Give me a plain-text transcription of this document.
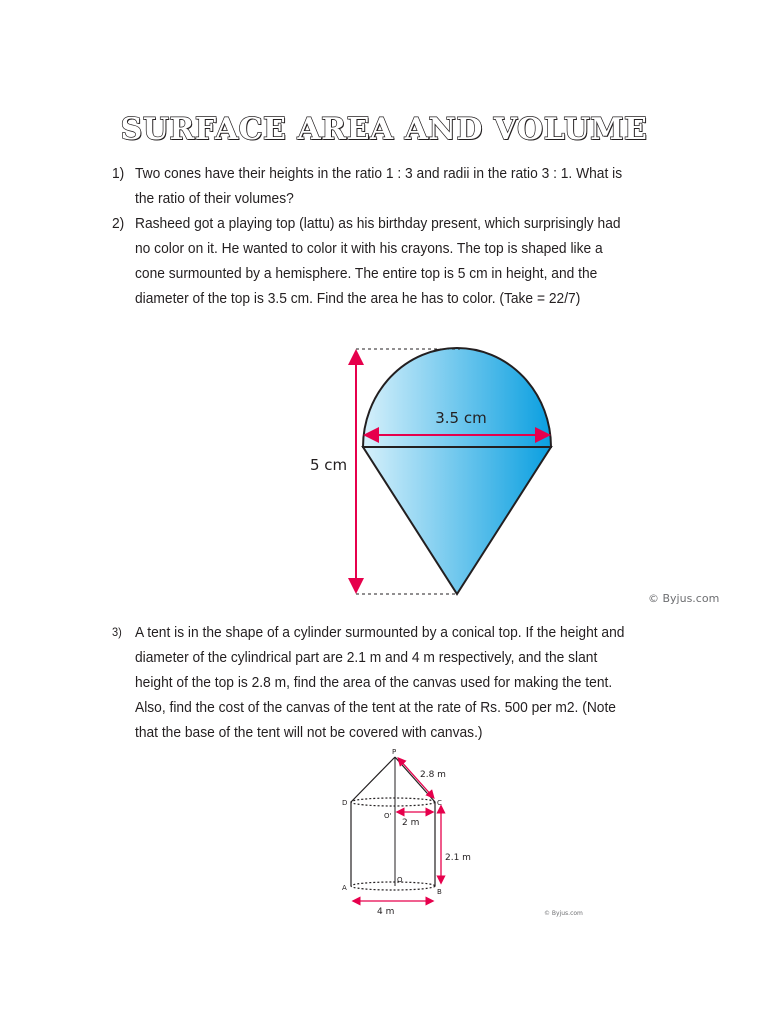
SURFACE AREA AND VOLUME
1) Two cones have their heights in the ratio 1 : 3 and radii in the ratio 3 : 1. What is the ratio of their volumes?
2) Rasheed got a playing top (lattu) as his birthday present, which surprisingly had no color on it. He wanted to color it with his crayons. The top is shaped like a cone surmounted by a hemisphere. The entire top is 5 cm in height, and the diameter of the top is 3.5 cm. Find the area he has to color. (Take = 22/7)
3.5 cm
5 cm
© Byjus.com
3) A tent is in the shape of a cylinder surmounted by a conical top. If the height and diameter of the cylindrical part are 2.1 m and 4 m respectively, and the slant height of the top is 2.8 m, find the area of the canvas used for making the tent. Also, find the cost of the canvas of the tent at the rate of Rs. 500 per m2. (Note that the base of the tent will not be covered with canvas.)
P
D	C
O'
O
A	B
2.8 m
2 m
2.1 m
4 m	© Byjus.com
